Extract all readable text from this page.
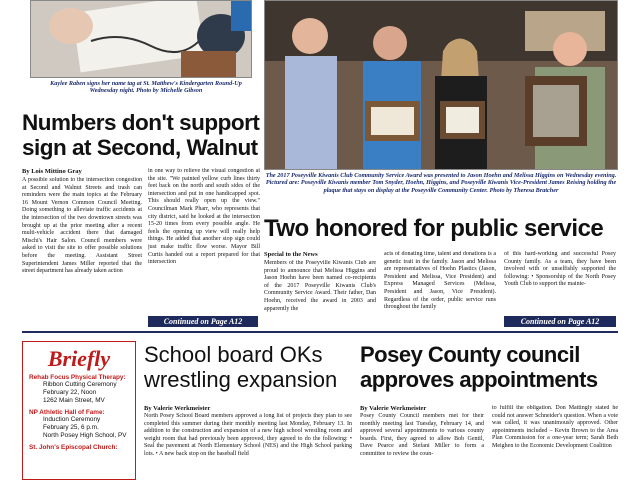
Kaylee Raben signs her name tag at St. Matthew's Kindergarten Round-Up Wednesday night. Photo by Michelle Gibson
The 2017 Poseyville Kiwanis Club Community Service Award was presented to Jason Hoehn and Melissa Higgins on Wednesday evening. Pictured are: Poseyville Kiwanis member Tom Snyder, Hoehn, Higgins, and Poseyville Kiwanis Vice-President James Reising holding the plaque that stays on display at the Poseyville Community Center. Photo by Theresa Bratcher
Numbers don't support
sign at Second, Walnut
By Lois Mittino Gray
A possible solution to the intersection congestion at Second and Walnut Streets and trash can reminders were the main topics at the February 16 Mount Vernon Common Council Meeting. Doing something to alleviate traffic accidents at the intersection of the two downtown streets was brought up at the prior meeting after a recent multi-vehicle accident there that damaged Mischi's Hair Salon. Council members were asked to visit the site to offer possible solutions before the meeting. Assistant Street Superintendent James Miller reported that the street department has already taken action
in one way to relieve the visual congestion at the site. "We painted yellow curb lines thirty feet back on the north and south sides of the intersection and put in one handicapped spot. This should really open up the view." Councilman Mark Pharr, who represents that city district, said he looked at the intersection 15-20 times from every possible angle. He feels the opening up view will really help things. He added that another stop sign could just make traffic flow worse. Mayor Bill Curtis handed out a report prepared for that intersection
Continued on Page A12
Two honored for public service
Special to the News
Members of the Poseyville Kiwanis Club are proud to announce that Melissa Higgins and Jason Hoehn have been named co-recipients of the 2017 Poseyville Kiwanis Club's Community Service Award. Their father, Dan Hoehn, received the award in 2003 and apparently the
acts of donating time, talent and donations is a genetic trait in the family. Jason and Melissa are representatives of Hoehn Plastics (Jason, President and Melissa, Vice President) and Express Managed Services (Melissa, President and Jason, Vice President). Regardless of the order, public service runs throughout the family
of this hard-working and successful Posey County family. As a team, they have been involved with or unselfishly supported the following: • Sponsorship of the North Posey Youth Club to support the mainte-
Continued on Page A12
Briefly
Rehab Focus Physical Therapy:
Ribbon Cutting Ceremony
February 22, Noon
1262 Main Street, MV
NP Athletic Hall of Fame:
Induction Ceremony
February 25, 6 p.m.
North Posey High School, PV
St. John's Episcopal Church:
School board OKs
wrestling expansion
By Valerie Werkmeister
North Posey School Board members approved a long list of projects they plan to see completed this summer during their monthly meeting last Monday, February 13. In addition to the construction and expansion of a new high school wrestling room and weight room that had previously been approved, they agreed to do the following: • Seal the pavement at North Elementary School (NES) and the High School parking lots. • A new back stop on the baseball field
Posey County council
approves appointments
By Valerie Werkmeister
Posey County Council members met for their monthly meeting last Tuesday, February 14, and approved several appointments to various county boards. First, they agreed to allow Bob Gentil, Dave Pearce and Stefani Miller to form a committee to review the coun-
to fulfill the obligation. Don Mattingly stated he could not answer Schneider's question. When a vote was called, it was unanimously approved. Other appointments included – Kevin Brown to the Area Plan Commission for a one-year term; Sarah Beth Meighen to the Economic Development Coalition
